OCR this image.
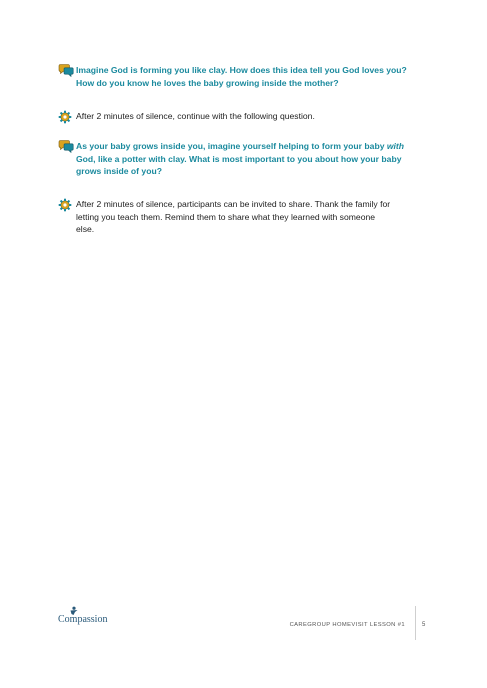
Imagine God is forming you like clay. How does this idea tell you God loves you?
How do you know he loves the baby growing inside the mother?
After 2 minutes of silence, continue with the following question.
As your baby grows inside you, imagine yourself helping to form your baby with
God, like a potter with clay. What is most important to you about how your baby
grows inside of you?
After 2 minutes of silence, participants can be invited to share. Thank the family for
letting you teach them. Remind them to share what they learned with someone
else.
Compassion	CAREGROUP HOMEVISIT LESSON #1	5
